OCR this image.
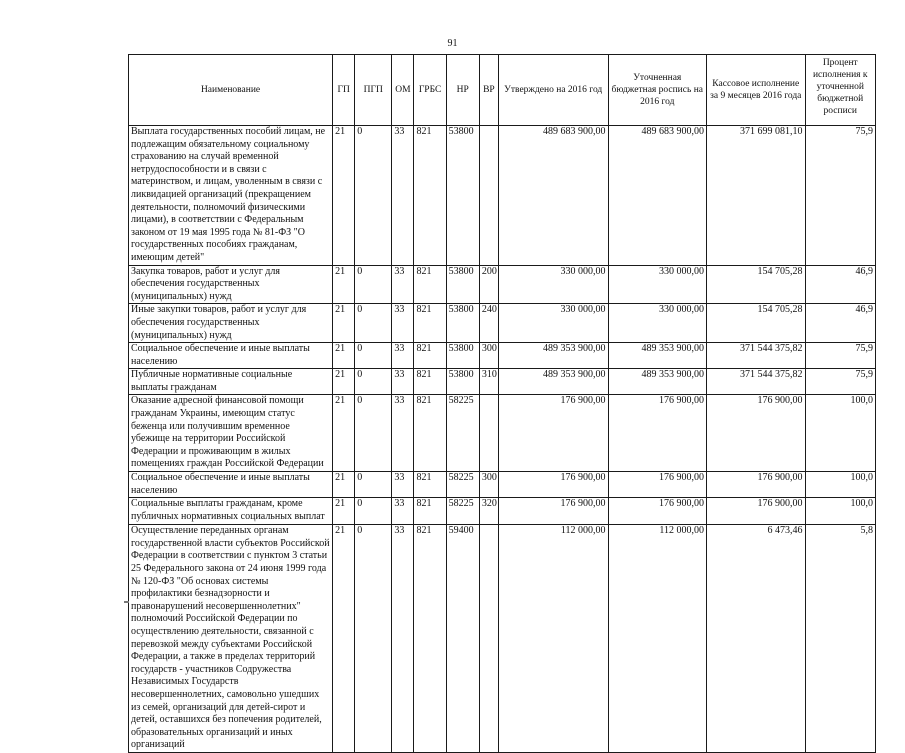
91
Наименование	ГП	ПГП	ОМ	ГРБС	НР	ВР	Утверждено на 2016 год	Уточненная бюджетная роспись на 2016 год	Кассовое исполнение за 9 месяцев 2016 года	Процент исполнения к уточненной бюджетной росписи
Выплата государственных пособий лицам, не подлежащим обязательному социальному страхованию на случай временной нетрудоспособности и в связи с материнством, и лицам, уволенным в связи с ликвидацией организаций (прекращением деятельности, полномочий физическими лицами), в соответствии с Федеральным законом от 19 мая 1995 года № 81-ФЗ "О государственных пособиях гражданам, имеющим детей"	21	0	33	821	53800		489 683 900,00	489 683 900,00	371 699 081,10	75,9
Закупка товаров, работ и услуг для обеспечения государственных (муниципальных) нужд	21	0	33	821	53800	200	330 000,00	330 000,00	154 705,28	46,9
Иные закупки товаров, работ и услуг для обеспечения государственных (муниципальных) нужд	21	0	33	821	53800	240	330 000,00	330 000,00	154 705,28	46,9
Социальное обеспечение и иные выплаты населению	21	0	33	821	53800	300	489 353 900,00	489 353 900,00	371 544 375,82	75,9
Публичные нормативные социальные выплаты гражданам	21	0	33	821	53800	310	489 353 900,00	489 353 900,00	371 544 375,82	75,9
Оказание адресной финансовой помощи гражданам Украины, имеющим статус беженца или получившим временное убежище на территории Российской Федерации и проживающим в жилых помещениях граждан Российской Федерации	21	0	33	821	58225		176 900,00	176 900,00	176 900,00	100,0
Социальное обеспечение и иные выплаты населению	21	0	33	821	58225	300	176 900,00	176 900,00	176 900,00	100,0
Социальные выплаты гражданам, кроме публичных нормативных социальных выплат	21	0	33	821	58225	320	176 900,00	176 900,00	176 900,00	100,0
Осуществление переданных органам государственной власти субъектов Российской Федерации в соответствии с пунктом 3 статьи 25 Федерального закона от 24 июня 1999 года № 120-ФЗ "Об основах системы профилактики безнадзорности и правонарушений несовершеннолетних" полномочий Российской Федерации по осуществлению деятельности, связанной с перевозкой между субъектами Российской Федерации, а также в пределах территорий государств - участников Содружества Независимых Государств несовершеннолетних, самовольно ушедших из семей, организаций для детей-сирот и детей, оставшихся без попечения родителей, образовательных организаций и иных организаций	21	0	33	821	59400		112 000,00	112 000,00	6 473,46	5,8
